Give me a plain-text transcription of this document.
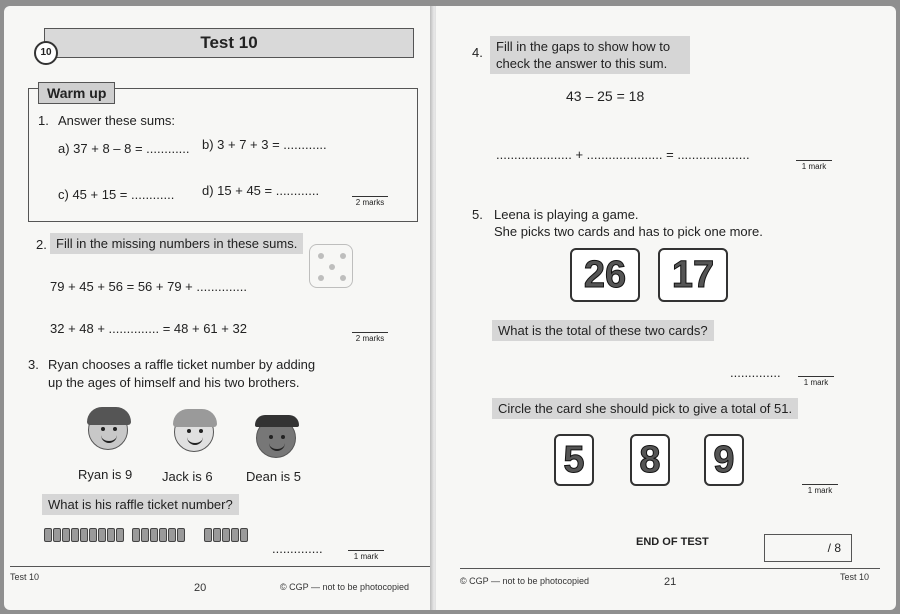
Test 10
10
Warm up
1. Answer these sums:
a) 37 + 8 – 8 = ............ b) 3 + 7 + 3 = ............
c) 45 + 15 = ............ d) 15 + 45 = ............
2 marks
2. Fill in the missing numbers in these sums.
79 + 45 + 56 = 56 + 79 + ..............
32 + 48 + .............. = 48 + 61 + 32
2 marks
3. Ryan chooses a raffle ticket number by adding
up the ages of himself and his two brothers.
Ryan is 9 Jack is 6	Dean is 5
What is his raffle ticket number?
..............
1 mark
Test 10
20	© CGP — not to be photocopied
4. Fill in the gaps to show how to
check the answer to this sum.
43 – 25 = 18
..................... + ..................... = ....................
1 mark
5. Leena is playing a game.
She picks two cards and has to pick one more.
26	17
What is the total of these two cards?
..............
1 mark
Circle the card she should pick to give a total of 51.
5 8 9
1 mark
END OF TEST	/ 8
© CGP — not to be photocopied	21	Test 10
